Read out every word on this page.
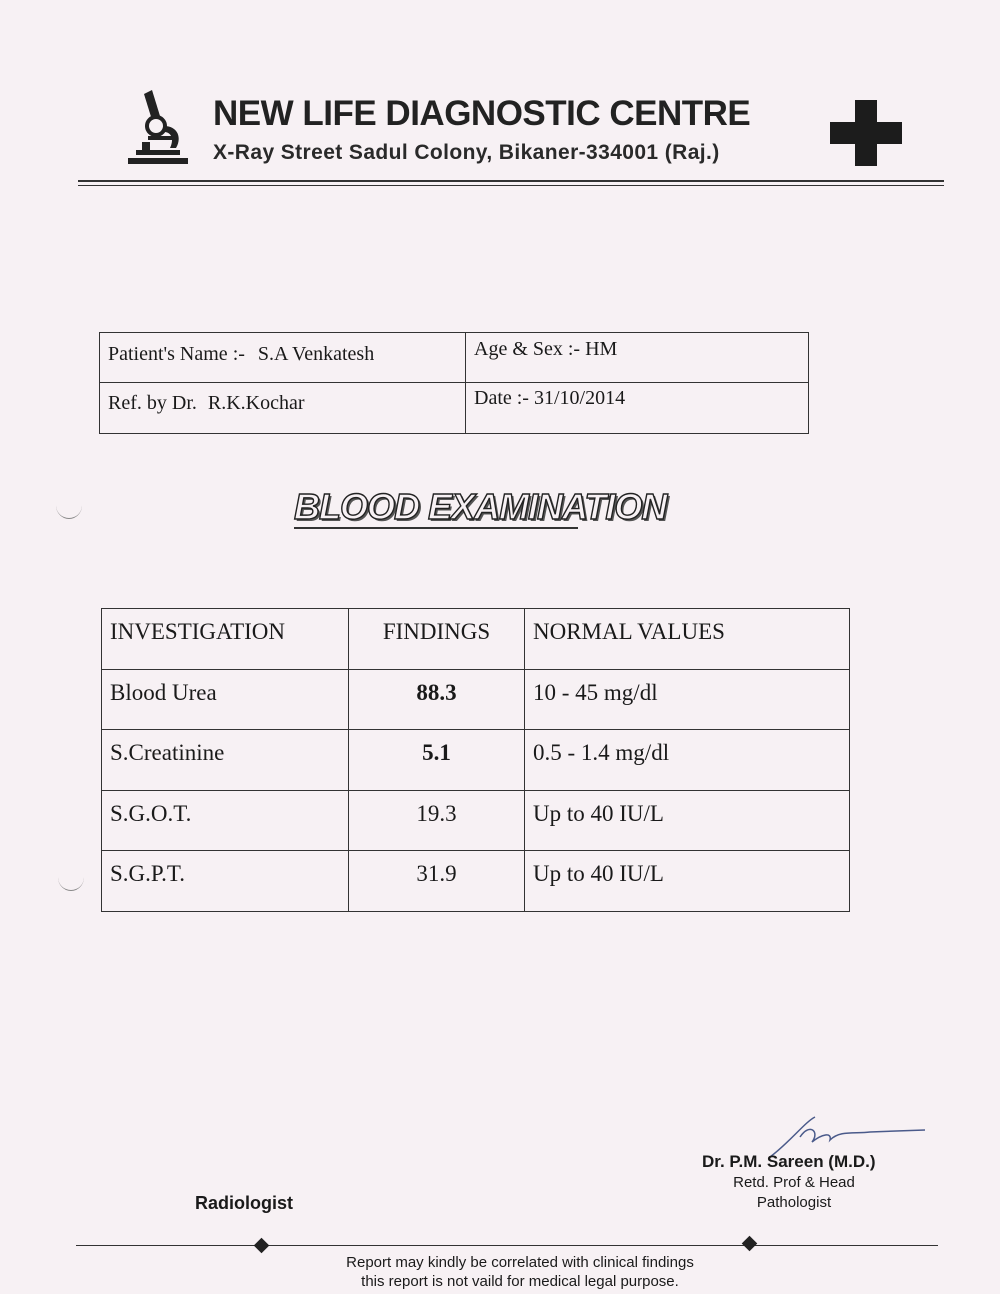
NEW LIFE DIAGNOSTIC CENTRE
X-Ray Street Sadul Colony, Bikaner-334001 (Raj.)
Patient's Name :- S.A Venkatesh	Age & Sex :- HM
Ref. by Dr. R.K.Kochar	Date :- 31/10/2014
BLOOD EXAMINATION
INVESTIGATION	FINDINGS	NORMAL VALUES
Blood Urea	88.3	10 - 45 mg/dl
S.Creatinine	5.1	0.5 - 1.4 mg/dl
S.G.O.T.	19.3	Up to 40 IU/L
S.G.P.T.	31.9	Up to 40 IU/L
Dr. P.M. Sareen (M.D.)
Retd. Prof & Head
Pathologist
Radiologist
Report may kindly be correlated with clinical findings
this report is not vaild for medical legal purpose.
